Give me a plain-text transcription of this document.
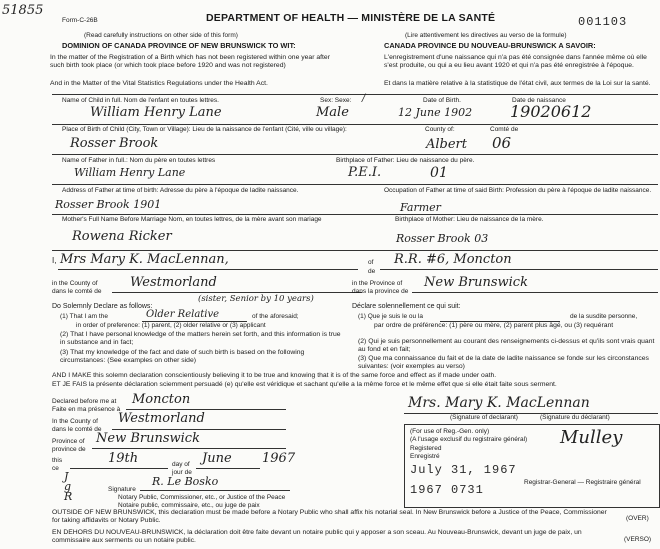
51855
Form-C-26B	DEPARTMENT OF HEALTH — MINISTÈRE DE LA SANTÉ	001103
(Read carefully instructions on other side of this form)	(Lire attentivement les directives au verso de la formule)
DOMINION OF CANADA PROVINCE OF NEW BRUNSWICK TO WIT:	CANADA PROVINCE DU NOUVEAU-BRUNSWICK A SAVOIR:
In the matter of the Registration of a Birth which has not been registered within one year after such birth took place (or which took place before 1920 and was not registered)
And in the Matter of the Vital Statistics Regulations under the Health Act.
L'enregistrement d'une naissance qui n'a pas été consignée dans l'année même où elle s'est produite, ou qui a eu lieu avant 1920 et qui n'a pas été enregistrée à l'époque.
Et dans la matière relative à la statistique de l'état civil, aux termes de la Loi sur la santé.
Name of Child in full. Nom de l'enfant en toutes lettres.	Sex: Sexe: /	Date of Birth.	Date de naissance
William Henry Lane	Male	12 June 1902 19020612
Place of Birth of Child (City, Town or Village): Lieu de la naissance de l'enfant (Cité, ville ou village):	County of:	Comté de
Rosser Brook	Albert 06
Name of Father in full.: Nom du père en toutes lettres	Birthplace of Father: Lieu de naissance du père.
William Henry Lane	P.E.I.	01
Address of Father at time of birth: Adresse du père à l'époque de ladite naissance.	Occupation of Father at time of said Birth: Profession du père à l'époque de ladite naissance.
Rosser Brook 1901	Farmer
Mother's Full Name Before Marriage Nom, en toutes lettres, de la mère avant son mariage	Birthplace of Mother: Lieu de naissance de la mère.
Rowena Ricker	Rosser Brook 03
I, Mrs Mary K. MacLennan,	of
de
R.R. #6, Moncton
in the County of
dans le comté de
Westmorland	in the Province of
dans la province de
New Brunswick
Do Solemnly Declare as follows:
(sister, Senior by 10 years)
Déclare solennellement ce qui suit:
(1) That I am the	Older Relative	of the aforesaid;
in order of preference: (1) parent, (2) older relative or (3) applicant
(2) That I have personal knowledge of the matters herein set forth, and this information is true in substance and in fact;
(3) That my knowledge of the fact and date of such birth is based on the following circumstances: (See examples on other side)
(1) Que je suis le ou la	de la susdite personne,
par ordre de préférence: (1) père ou mère, (2) parent plus âgé, ou (3) requérant
(2) Qui je suis personnellement au courant des renseignements ci-dessus et qu'ils sont vrais quant au fond et en fait;
(3) Que ma connaissance du fait et de la date de ladite naissance se fonde sur les circonstances suivantes: (voir exemples au verso)
AND I MAKE this solemn declaration conscientiously believing it to be true and knowing that it is of the same force and effect as if made under oath.
ET JE FAIS la présente déclaration sciemment persuadé (e) qu'elle est véridique et sachant qu'elle a la même force et le même effet que si elle était faite sous serment.
Declared before me at
Faite en ma présence à
Moncton
In the County of
dans le comté de
Westmorland
Province of
province de
New Brunswick
this
ce
19th	day of
jour de
June 1967
J
g
R
Signature
R. Le Bosko
Notary Public, Commissioner, etc., or Justice of the Peace
Notaire public, commissaire, etc., ou juge de paix
Mrs. Mary K. MacLennan
(Signature of declarant)	(Signature du déclarant)
(For use of Reg.-Gen. only)
(A l'usage exclusif du registraire général)
Registered
Enregistré
Mulley
July 31, 1967
Registrar-General — Registraire général
1967 0731
OUTSIDE OF NEW BRUNSWICK, this declaration must be made before a Notary Public who shall affix his notarial seal. In New Brunswick before a Justice of the Peace, Commissioner for taking affidavits or Notary Public.	(OVER)
EN DEHORS DU NOUVEAU-BRUNSWICK, la déclaration doit être faite devant un notaire public qui y apposer a son sceau. Au Nouveau-Brunswick, devant un juge de paix, un commissaire aux serments ou un notaire public.	(VERSO)
